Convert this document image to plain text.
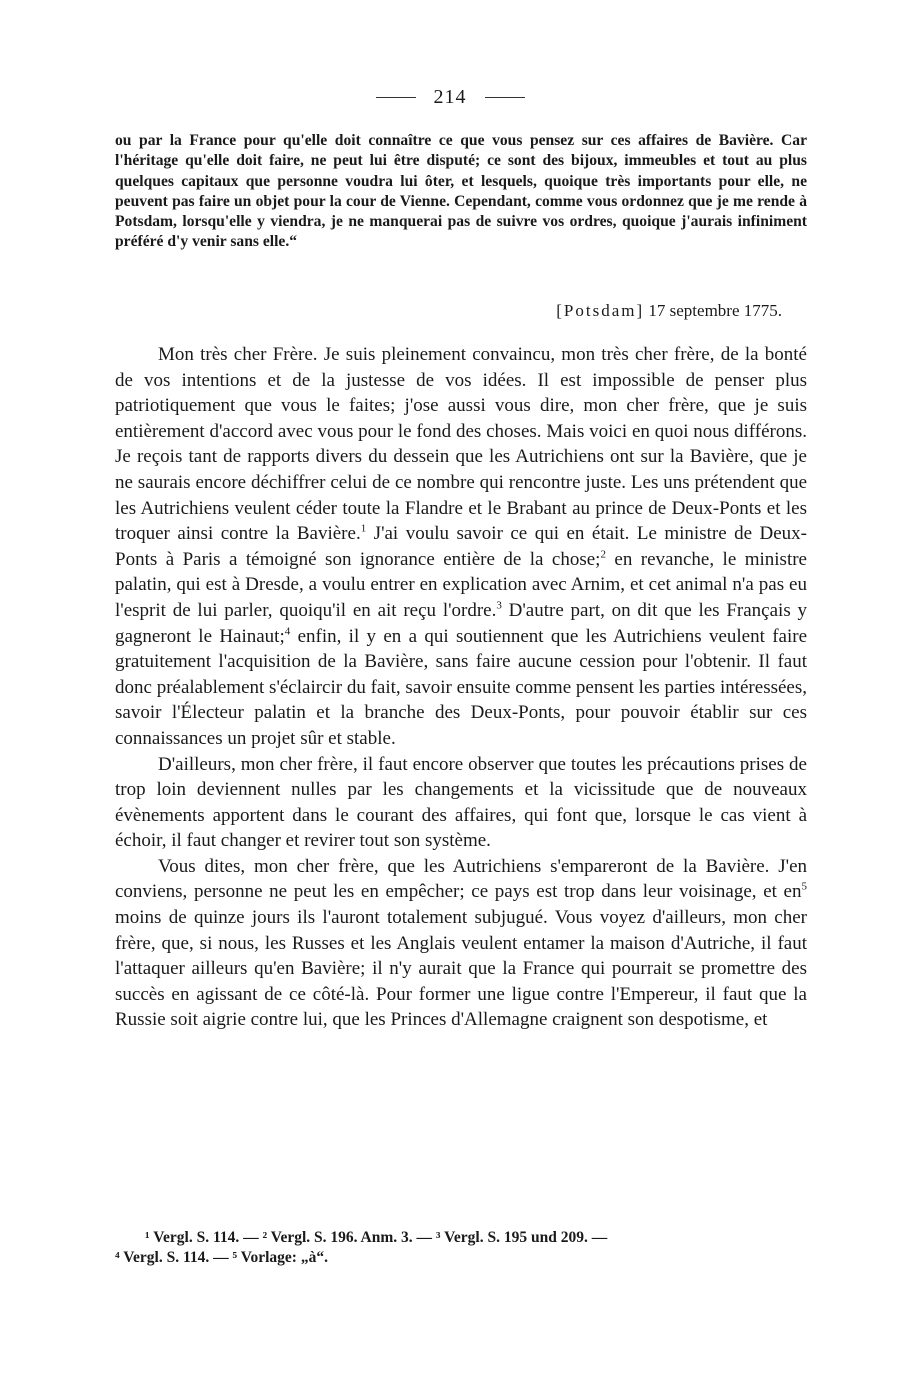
214

ou par la France pour qu'elle doit connaître ce que vous pensez sur ces affaires de Bavière. Car l'héritage qu'elle doit faire, ne peut lui être disputé; ce sont des bijoux, immeubles et tout au plus quelques capitaux que personne voudra lui ôter, et lesquels, quoique très importants pour elle, ne peuvent pas faire un objet pour la cour de Vienne. Cependant, comme vous ordonnez que je me rende à Potsdam, lorsqu'elle y viendra, je ne manquerai pas de suivre vos ordres, quoique j'aurais infiniment préféré d'y venir sans elle.“

[Potsdam] 17 septembre 1775.

Mon très cher Frère. Je suis pleinement convaincu, mon très cher frère, de la bonté de vos intentions et de la justesse de vos idées. Il est impossible de penser plus patriotiquement que vous le faites; j'ose aussi vous dire, mon cher frère, que je suis entièrement d'accord avec vous pour le fond des choses. Mais voici en quoi nous différons. Je reçois tant de rapports divers du dessein que les Autrichiens ont sur la Bavière, que je ne saurais encore déchiffrer celui de ce nombre qui rencontre juste. Les uns prétendent que les Autrichiens veulent céder toute la Flandre et le Brabant au prince de Deux-Ponts et les troquer ainsi contre la Bavière.$^1$ J'ai voulu savoir ce qui en était. Le ministre de Deux-Ponts à Paris a témoigné son ignorance entière de la chose;$^2$ en revanche, le ministre palatin, qui est à Dresde, a voulu entrer en explication avec Arnim, et cet animal n'a pas eu l'esprit de lui parler, quoiqu'il en ait reçu l'ordre.$^3$ D'autre part, on dit que les Français y gagneront le Hainaut;$^4$ enfin, il y en a qui soutiennent que les Autrichiens veulent faire gratuitement l'acquisition de la Bavière, sans faire aucune cession pour l'obtenir. Il faut donc préalablement s'éclaircir du fait, savoir ensuite comme pensent les parties intéressées, savoir l'Électeur palatin et la branche des Deux-Ponts, pour pouvoir établir sur ces connaissances un projet sûr et stable.

D'ailleurs, mon cher frère, il faut encore observer que toutes les précautions prises de trop loin deviennent nulles par les changements et la vicissitude que de nouveaux évènements apportent dans le courant des affaires, qui font que, lorsque le cas vient à échoir, il faut changer et revirer tout son système.

Vous dites, mon cher frère, que les Autrichiens s'empareront de la Bavière. J'en conviens, personne ne peut les en empêcher; ce pays est trop dans leur voisinage, et en$^5$ moins de quinze jours ils l'auront totalement subjugué. Vous voyez d'ailleurs, mon cher frère, que, si nous, les Russes et les Anglais veulent entamer la maison d'Autriche, il faut l'attaquer ailleurs qu'en Bavière; il n'y aurait que la France qui pourrait se promettre des succès en agissant de ce côté-là. Pour former une ligue contre l'Empereur, il faut que la Russie soit aigrie contre lui, que les Princes d'Allemagne craignent son despotisme, et

¹ Vergl. S. 114. — ² Vergl. S. 196. Anm. 3. — ³ Vergl. S. 195 und 209. —

⁴ Vergl. S. 114. — ⁵ Vorlage: „à“.
